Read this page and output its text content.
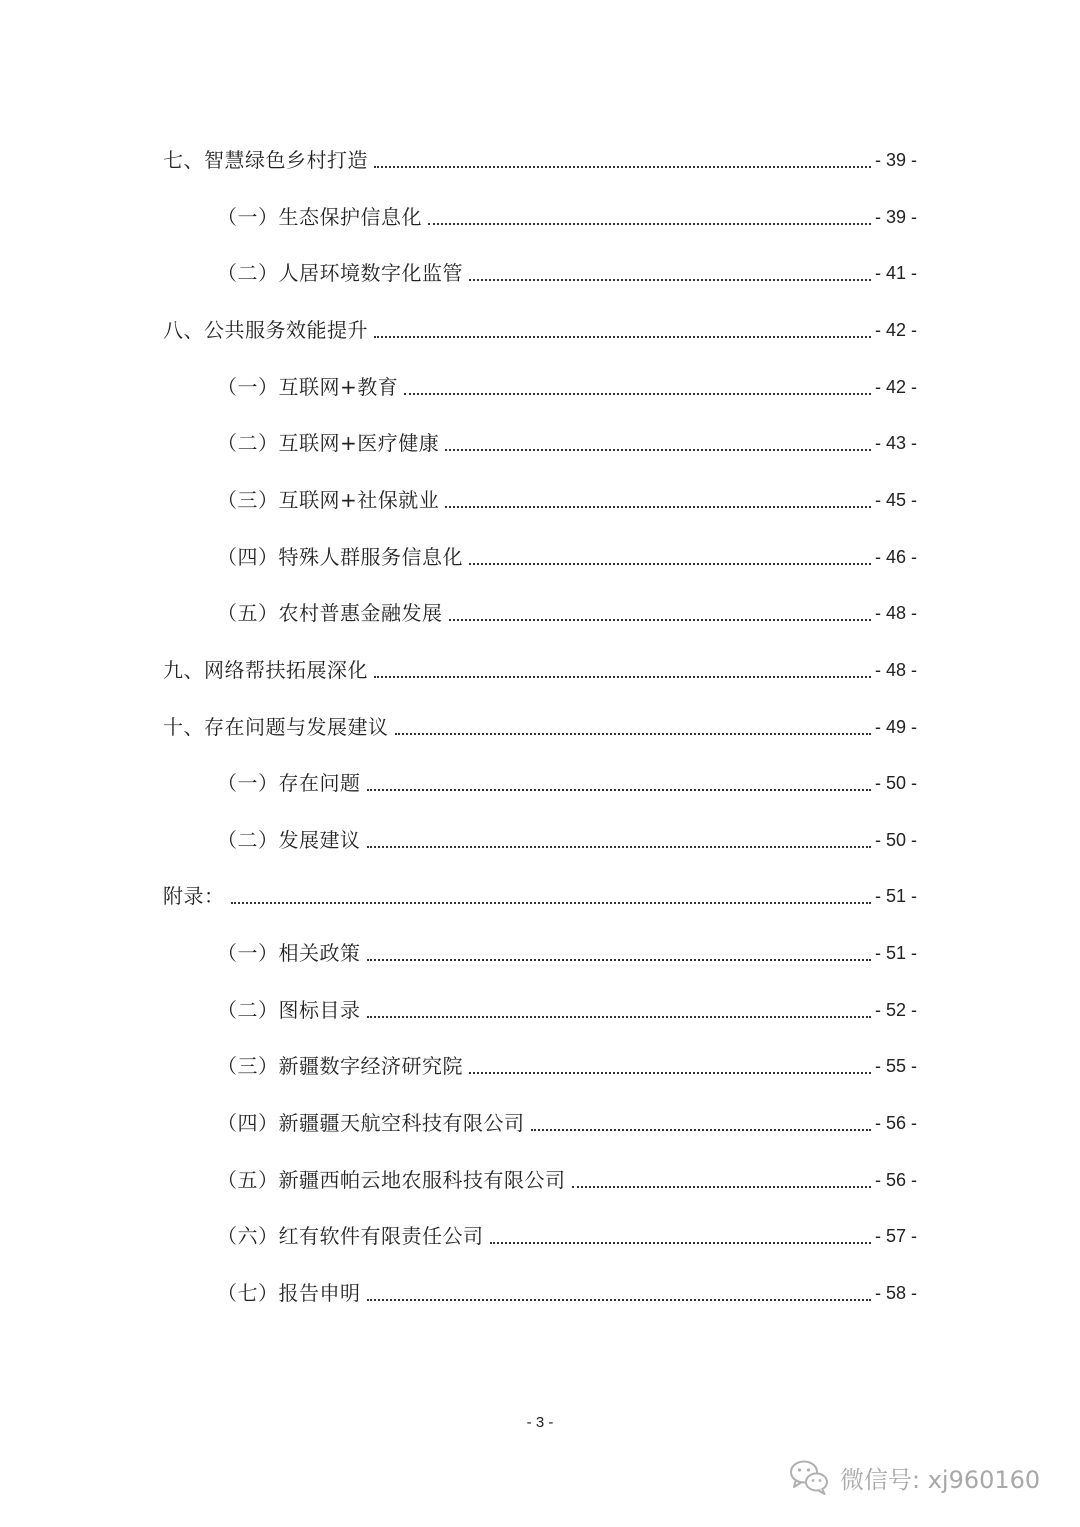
七、智慧绿色乡村打造	- 39 -
（一）生态保护信息化	- 39 -
（二）人居环境数字化监管	- 41 -
八、公共服务效能提升	- 42 -
（一）互联网+教育	- 42 -
（二）互联网+医疗健康	- 43 -
（三）互联网+社保就业	- 45 -
（四）特殊人群服务信息化	- 46 -
（五）农村普惠金融发展	- 48 -
九、网络帮扶拓展深化	- 48 -
十、存在问题与发展建议	- 49 -
（一）存在问题	- 50 -
（二）发展建议	- 50 -
附录：	- 51 -
（一）相关政策	- 51 -
（二）图标目录	- 52 -
（三）新疆数字经济研究院	- 55 -
（四）新疆疆天航空科技有限公司	- 56 -
（五）新疆西帕云地农服科技有限公司	- 56 -
（六）红有软件有限责任公司	- 57 -
（七）报告申明	- 58 -
- 3 -
微信号: xj960160
